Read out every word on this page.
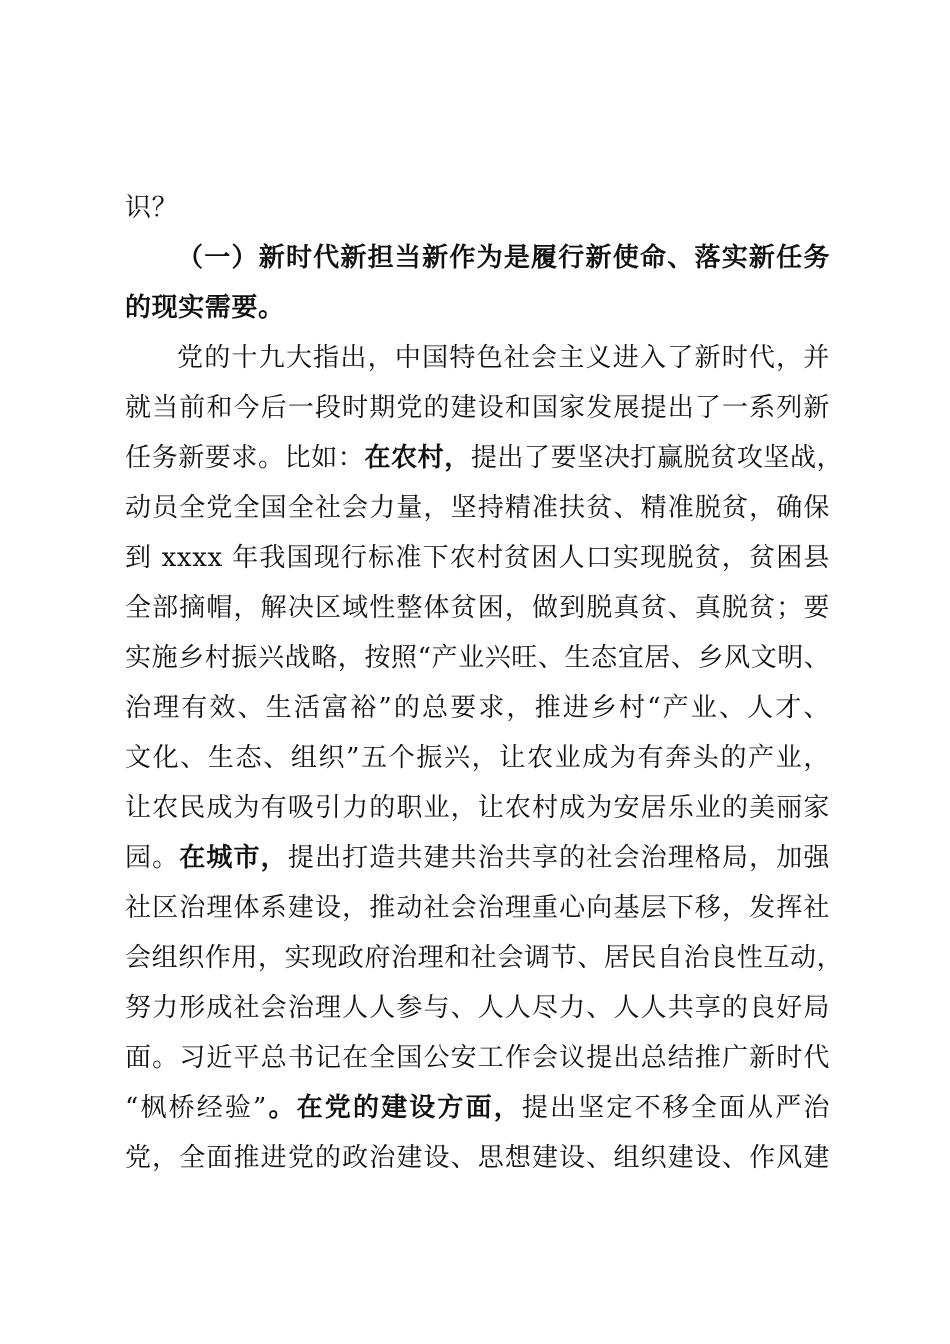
识？
（一）新时代新担当新作为是履行新使命、落实新任务
的现实需要。
党的十九大指出，中国特色社会主义进入了新时代，并
就当前和今后一段时期党的建设和国家发展提出了一系列新
任务新要求。比如：在农村，提出了要坚决打赢脱贫攻坚战，
动员全党全国全社会力量，坚持精准扶贫、精准脱贫，确保
到 xxxx 年我国现行标准下农村贫困人口实现脱贫，贫困县
全部摘帽，解决区域性整体贫困，做到脱真贫、真脱贫；要
实施乡村振兴战略，按照“产业兴旺、生态宜居、乡风文明、
治理有效、生活富裕”的总要求，推进乡村“产业、人才、
文化、生态、组织”五个振兴，让农业成为有奔头的产业，
让农民成为有吸引力的职业，让农村成为安居乐业的美丽家
园。在城市，提出打造共建共治共享的社会治理格局，加强
社区治理体系建设，推动社会治理重心向基层下移，发挥社
会组织作用，实现政府治理和社会调节、居民自治良性互动，
努力形成社会治理人人参与、人人尽力、人人共享的良好局
面。习近平总书记在全国公安工作会议提出总结推广新时代
“枫桥经验”。在党的建设方面，提出坚定不移全面从严治
党，全面推进党的政治建设、思想建设、组织建设、作风建
